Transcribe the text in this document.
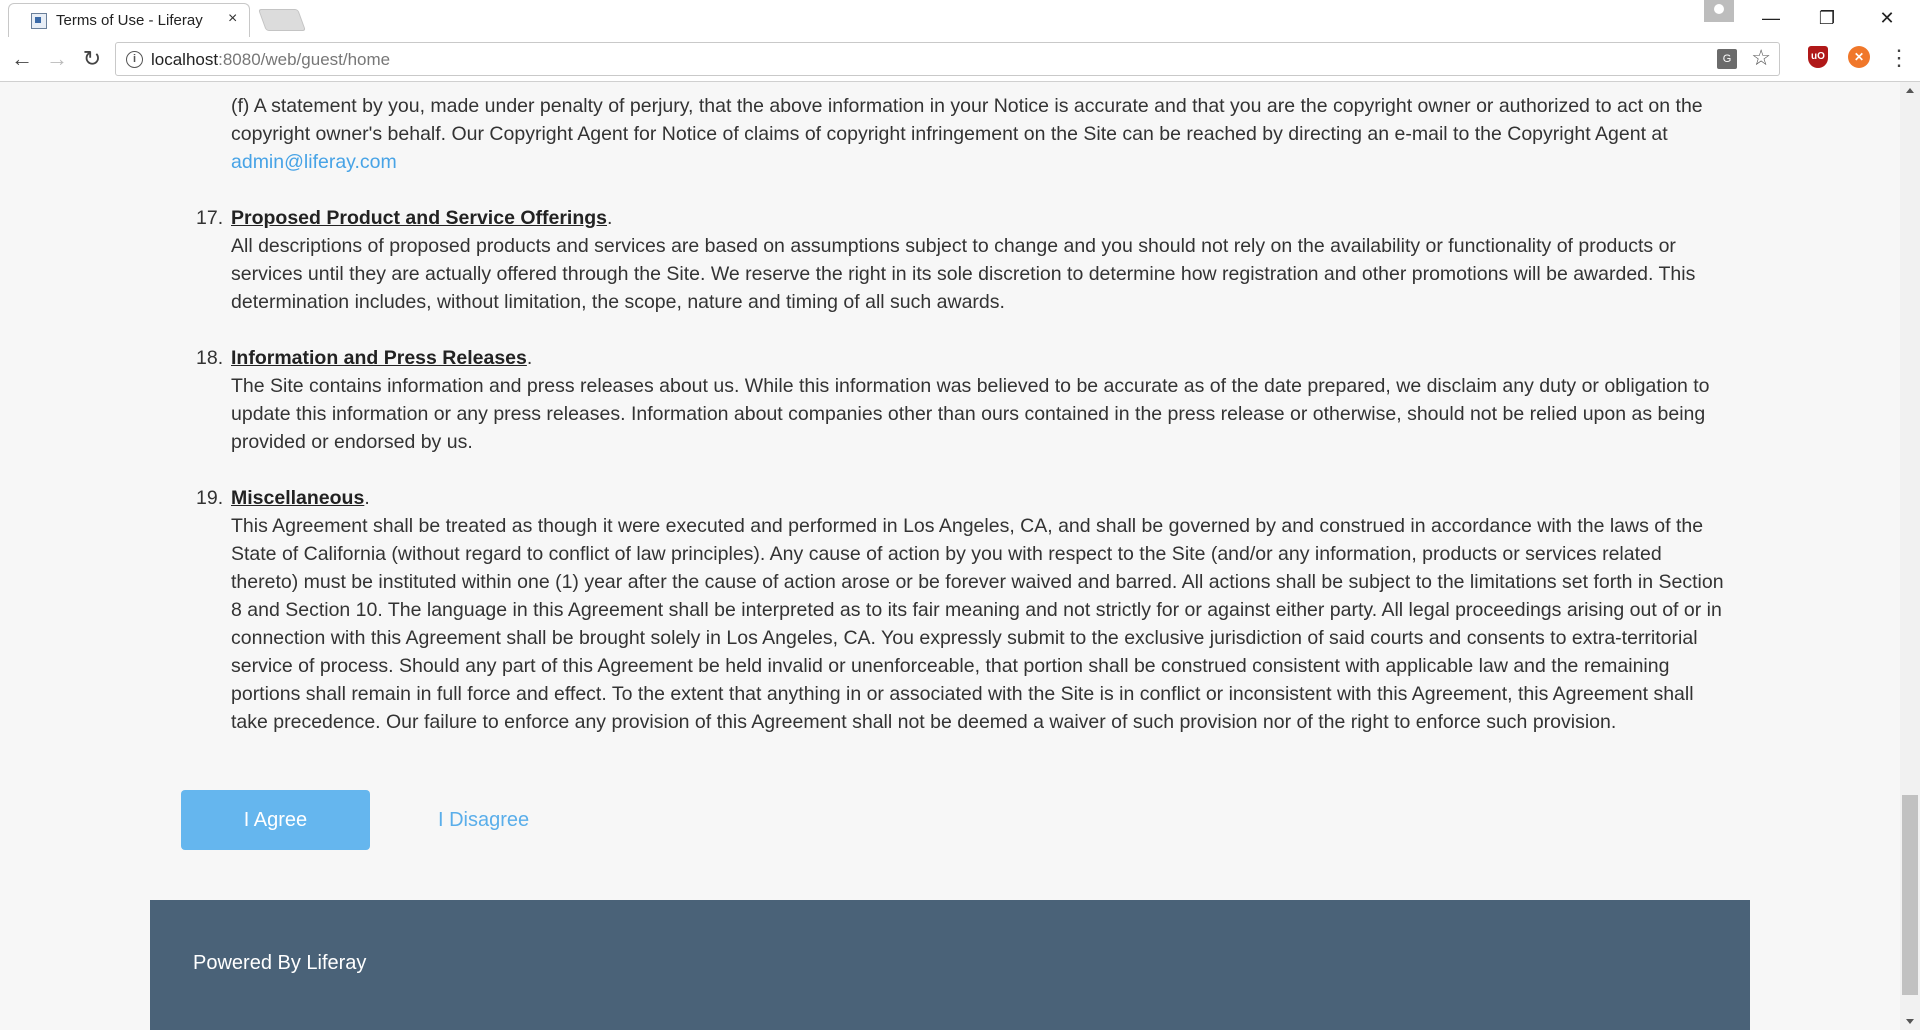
Terms of Use - Liferay ×	—	❐	✕
← → ↻	i localhost:8080/web/guest/home	G ☆	uO	✕ ⋮

(f) A statement by you, made under penalty of perjury, that the above information in your Notice is accurate and that you are the copyright owner or authorized to act on the copyright owner's behalf. Our Copyright Agent for Notice of claims of copyright infringement on the Site can be reached by directing an e-mail to the Copyright Agent at admin@liferay.com

17. Proposed Product and Service Offerings.

All descriptions of proposed products and services are based on assumptions subject to change and you should not rely on the availability or functionality of products or services until they are actually offered through the Site. We reserve the right in its sole discretion to determine how registration and other promotions will be awarded. This determination includes, without limitation, the scope, nature and timing of all such awards.

18. Information and Press Releases.

The Site contains information and press releases about us. While this information was believed to be accurate as of the date prepared, we disclaim any duty or obligation to update this information or any press releases. Information about companies other than ours contained in the press release or otherwise, should not be relied upon as being provided or endorsed by us.

19. Miscellaneous.

This Agreement shall be treated as though it were executed and performed in Los Angeles, CA, and shall be governed by and construed in accordance with the laws of the State of California (without regard to conflict of law principles). Any cause of action by you with respect to the Site (and/or any information, products or services related thereto) must be instituted within one (1) year after the cause of action arose or be forever waived and barred. All actions shall be subject to the limitations set forth in Section 8 and Section 10. The language in this Agreement shall be interpreted as to its fair meaning and not strictly for or against either party. All legal proceedings arising out of or in connection with this Agreement shall be brought solely in Los Angeles, CA. You expressly submit to the exclusive jurisdiction of said courts and consents to extra-territorial service of process. Should any part of this Agreement be held invalid or unenforceable, that portion shall be construed consistent with applicable law and the remaining portions shall remain in full force and effect. To the extent that anything in or associated with the Site is in conflict or inconsistent with this Agreement, this Agreement shall take precedence. Our failure to enforce any provision of this Agreement shall not be deemed a waiver of such provision nor of the right to enforce such provision.

I Agree	I Disagree
Powered By Liferay
